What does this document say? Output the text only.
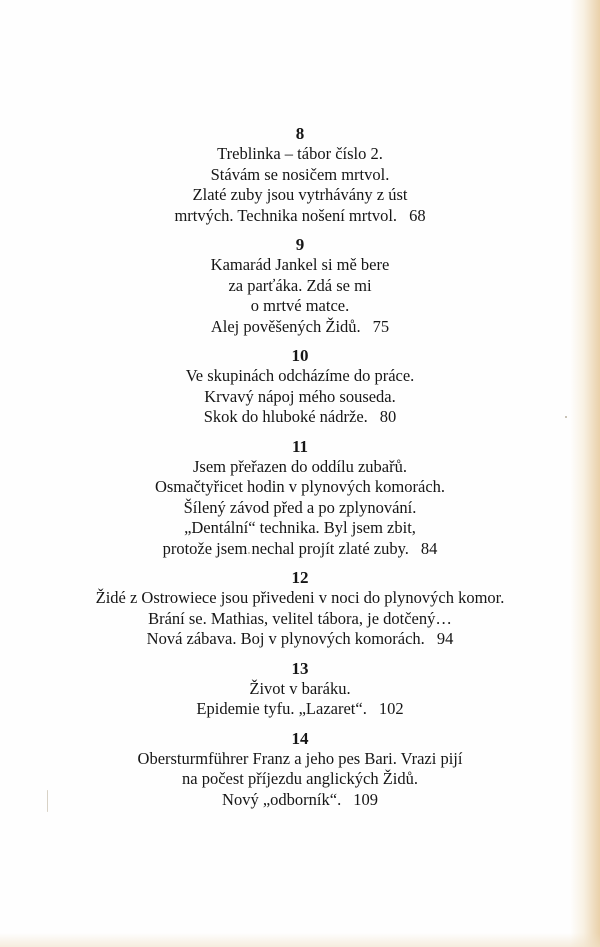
8
Treblinka – tábor číslo 2.
Stávám se nosičem mrtvol.
Zlaté zuby jsou vytrhávány z úst
mrtvých. Technika nošení mrtvol. 68
9
Kamarád Jankel si mě bere
za parťáka. Zdá se mi
o mrtvé matce.
Alej pověšených Židů. 75
10
Ve skupinách odcházíme do práce.
Krvavý nápoj mého souseda.
Skok do hluboké nádrže. 80
11
Jsem přeřazen do oddílu zubařů.
Osmačtyřicet hodin v plynových komorách.
Šílený závod před a po zplynování.
„Dentální“ technika. Byl jsem zbit,
protože jsem nechal projít zlaté zuby. 84
12
Židé z Ostrowiece jsou přivedeni v noci do plynových komor.
Brání se. Mathias, velitel tábora, je dotčený…
Nová zábava. Boj v plynových komorách. 94
13
Život v baráku.
Epidemie tyfu. „Lazaret“. 102
14
Obersturmführer Franz a jeho pes Bari. Vrazi pijí
na počest příjezdu anglických Židů.
Nový „odborník“. 109
